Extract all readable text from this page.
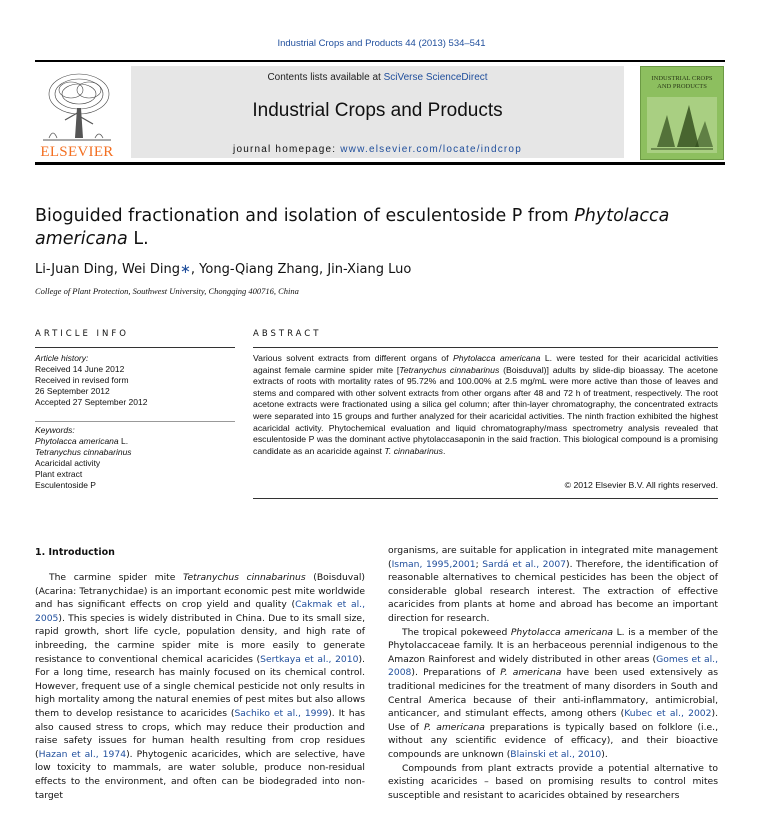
Industrial Crops and Products 44 (2013) 534–541
ELSEVIER
Contents lists available at SciVerse ScienceDirect
Industrial Crops and Products
journal homepage: www.elsevier.com/locate/indcrop
INDUSTRIAL CROPS
AND PRODUCTS
Bioguided fractionation and isolation of esculentoside P from Phytolacca
americana L.
Li-Juan Ding, Wei Ding∗, Yong-Qiang Zhang, Jin-Xiang Luo
College of Plant Protection, Southwest University, Chongqing 400716, China
ARTICLE INFO
Article history:
Received 14 June 2012
Received in revised form
26 September 2012
Accepted 27 September 2012
Keywords:
Phytolacca americana L.
Tetranychus cinnabarinus
Acaricidal activity
Plant extract
Esculentoside P
ABSTRACT
Various solvent extracts from different organs of Phytolacca americana L. were tested for their acaricidal activities against female carmine spider mite [Tetranychus cinnabarinus (Boisduval)] adults by slide-dip bioassay. The acetone extracts of roots with mortality rates of 95.72% and 100.00% at 2.5 mg/mL were more active than those of leaves and stems and compared with other solvent extracts from other organs after 48 and 72 h of treatment, respectively. The root acetone extracts were fractionated using a silica gel column; after thin-layer chromatography, the concentrated extracts were separated into 15 groups and further analyzed for their acaricidal activities. The ninth fraction exhibited the highest acaricidal activity. Phytochemical evaluation and liquid chromatography/mass spectrometry analysis revealed that esculentoside P was the dominant active phytolaccasaponin in the said fraction. This biological compound is a promising candidate as an acaricide against T. cinnabarinus.
© 2012 Elsevier B.V. All rights reserved.
1. Introduction

The carmine spider mite Tetranychus cinnabarinus (Boisduval) (Acarina: Tetranychidae) is an important economic pest mite worldwide and has significant effects on crop yield and quality (Cakmak et al., 2005). This species is widely distributed in China. Due to its small size, rapid growth, short life cycle, population density, and high rate of inbreeding, the carmine spider mite is more easily to generate resistance to conventional chemical acaricides (Sertkaya et al., 2010). For a long time, research has mainly focused on its chemical control. However, frequent use of a single chemical pesticide not only results in high mortality among the natural enemies of pest mites but also allows them to develop resistance to acaricides (Sachiko et al., 1999). It has also caused stress to crops, which may reduce their production and raise safety issues for human health resulting from crop residues (Hazan et al., 1974). Phytogenic acaricides, which are selective, have low toxicity to mammals, are water soluble, produce non-residual effects to the environment, and often can be biodegraded into non-target

organisms, are suitable for application in integrated mite management (Isman, 1995,2001; Sardá et al., 2007). Therefore, the identification of reasonable alternatives to chemical pesticides has been the object of considerable global research interest. The extraction of effective acaricides from plants at home and abroad has become an important direction for research.

The tropical pokeweed Phytolacca americana L. is a member of the Phytolaccaceae family. It is an herbaceous perennial indigenous to the Amazon Rainforest and widely distributed in other areas (Gomes et al., 2008). Preparations of P. americana have been used extensively as traditional medicines for the treatment of many disorders in South and Central America because of their anti-inflammatory, antimicrobial, anticancer, and stimulant effects, among others (Kubec et al., 2002). Use of P. americana preparations is typically based on folklore (i.e., without any scientific evidence of efficacy), and their bioactive compounds are unknown (Blainski et al., 2010).

Compounds from plant extracts provide a potential alternative to existing acaricides – based on promising results to control mites susceptible and resistant to acaricides obtained by researchers
